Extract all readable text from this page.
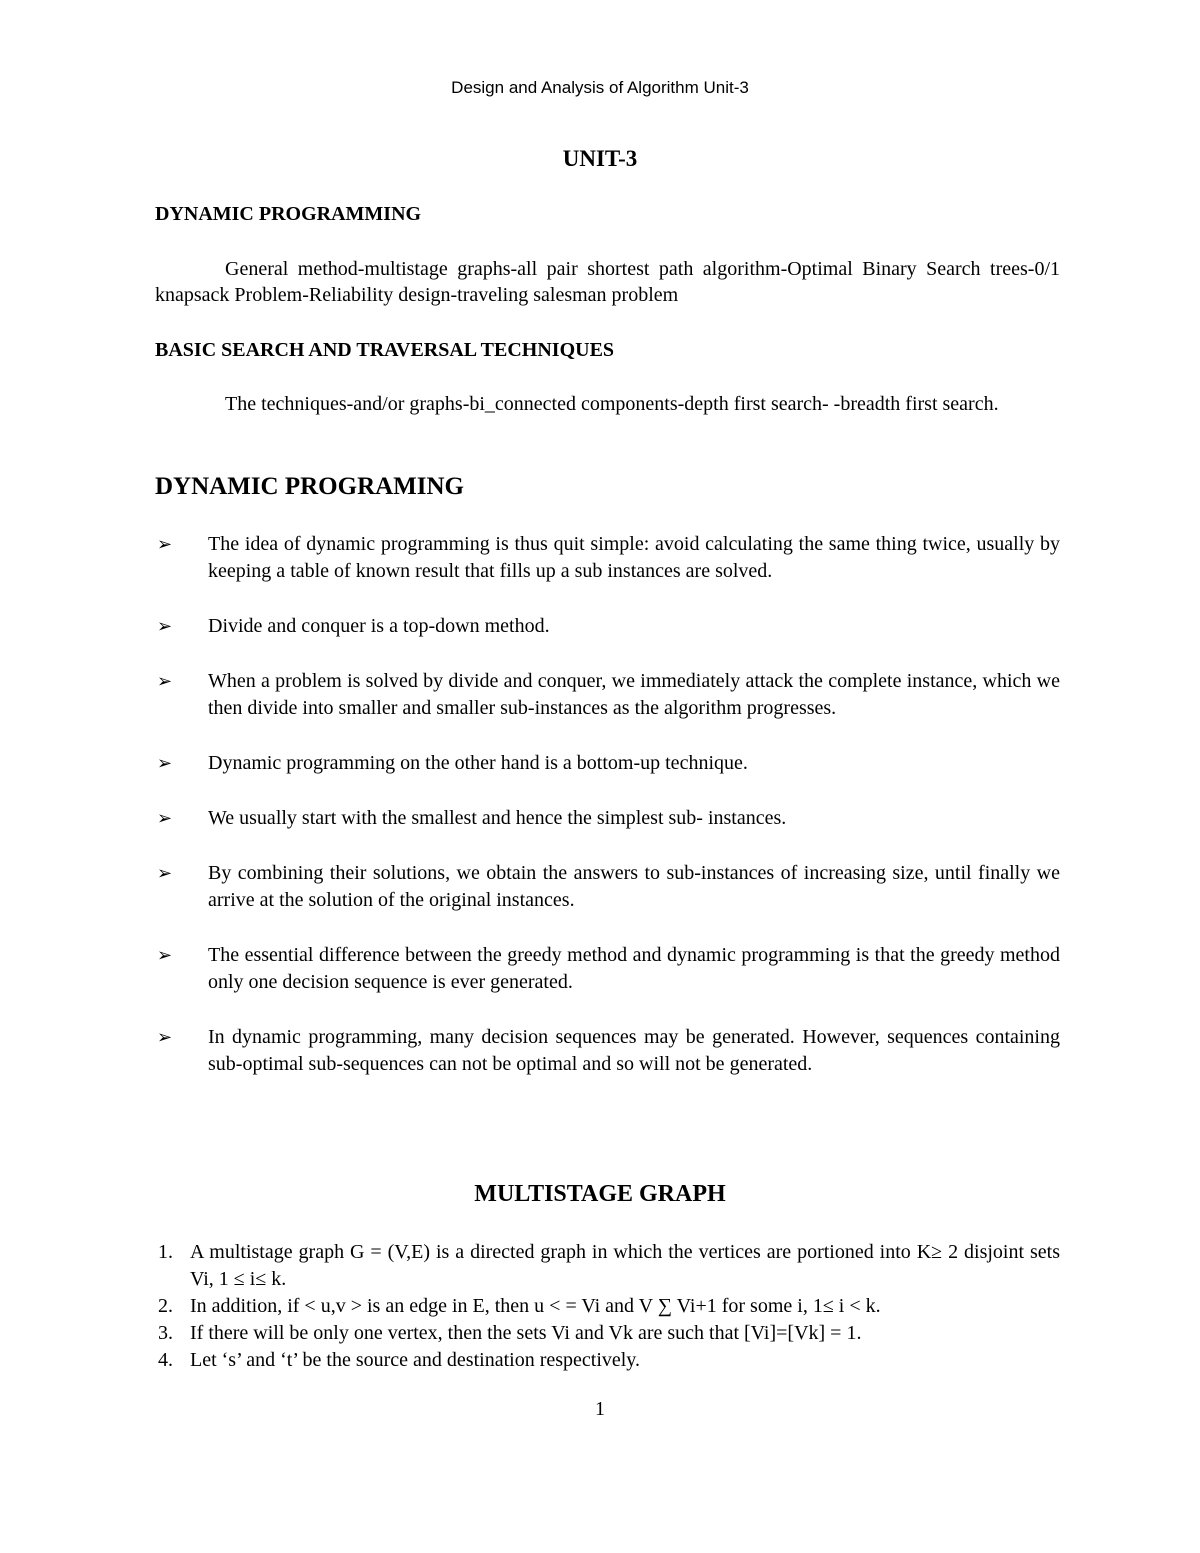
Design and Analysis of Algorithm Unit-3
UNIT-3
DYNAMIC PROGRAMMING
General method-multistage graphs-all pair shortest path algorithm-Optimal Binary Search trees-0/1 knapsack Problem-Reliability design-traveling salesman problem
BASIC SEARCH AND TRAVERSAL TECHNIQUES
The techniques-and/or graphs-bi_connected components-depth first search- -breadth first search.
DYNAMIC PROGRAMING
➢ The idea of dynamic programming is thus quit simple: avoid calculating the same thing twice, usually by keeping a table of known result that fills up a sub instances are solved.
➢ Divide and conquer is a top-down method.
➢ When a problem is solved by divide and conquer, we immediately attack the complete instance, which we then divide into smaller and smaller sub-instances as the algorithm progresses.
➢ Dynamic programming on the other hand is a bottom-up technique.
➢ We usually start with the smallest and hence the simplest sub- instances.
➢ By combining their solutions, we obtain the answers to sub-instances of increasing size, until finally we arrive at the solution of the original instances.
➢ The essential difference between the greedy method and dynamic programming is that the greedy method only one decision sequence is ever generated.
➢ In dynamic programming, many decision sequences may be generated. However, sequences containing sub-optimal sub-sequences can not be optimal and so will not be generated.
MULTISTAGE GRAPH
1. A multistage graph G = (V,E) is a directed graph in which the vertices are portioned into K≥ 2 disjoint sets Vi, 1 ≤ i≤ k.
2. In addition, if < u,v > is an edge in E, then u < = Vi and V ∑ Vi+1 for some i, 1≤ i < k.
3. If there will be only one vertex, then the sets Vi and Vk are such that [Vi]=[Vk] = 1.
4. Let ‘s’ and ‘t’ be the source and destination respectively.
1
